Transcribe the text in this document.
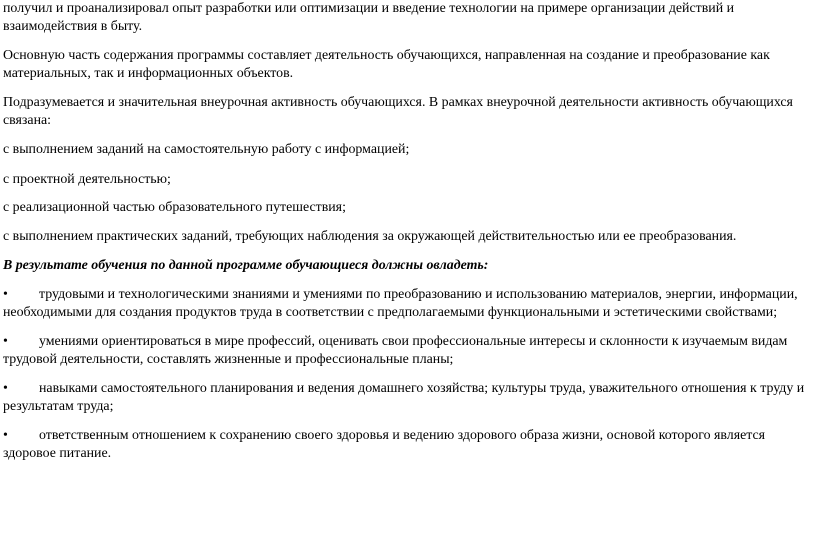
получил и проанализировал опыт разработки или оптимизации и введение технологии на примере организации действий и взаимодействия в быту.

Основную часть содержания программы составляет деятельность обучающихся, направленная на создание и преобразование как материальных, так и информационных объектов.

Подразумевается и значительная внеурочная активность обучающихся. В рамках внеурочной деятельности активность обучающихся связана:

с выполнением заданий на самостоятельную работу с информацией;

с проектной деятельностью;

с реализационной частью образовательного путешествия;

с выполнением практических заданий, требующих наблюдения за окружающей действительностью или ее преобразования.

В результате обучения по данной программе обучающиеся должны овладеть:

• трудовыми и технологическими знаниями и умениями по преобразованию и использованию материалов, энергии, информации, необходимыми для создания продуктов труда в соответствии с предполагаемыми функциональными и эстетическими свойствами;

• умениями ориентироваться в мире профессий, оценивать свои профессиональные интересы и склонности к изучаемым видам трудовой деятельности, составлять жизненные и профессиональные планы;

• навыками самостоятельного планирования и ведения домашнего хозяйства; культуры труда, уважительного отношения к труду и результатам труда;

• ответственным отношением к сохранению своего здоровья и ведению здорового образа жизни, основой которого является здоровое питание.
